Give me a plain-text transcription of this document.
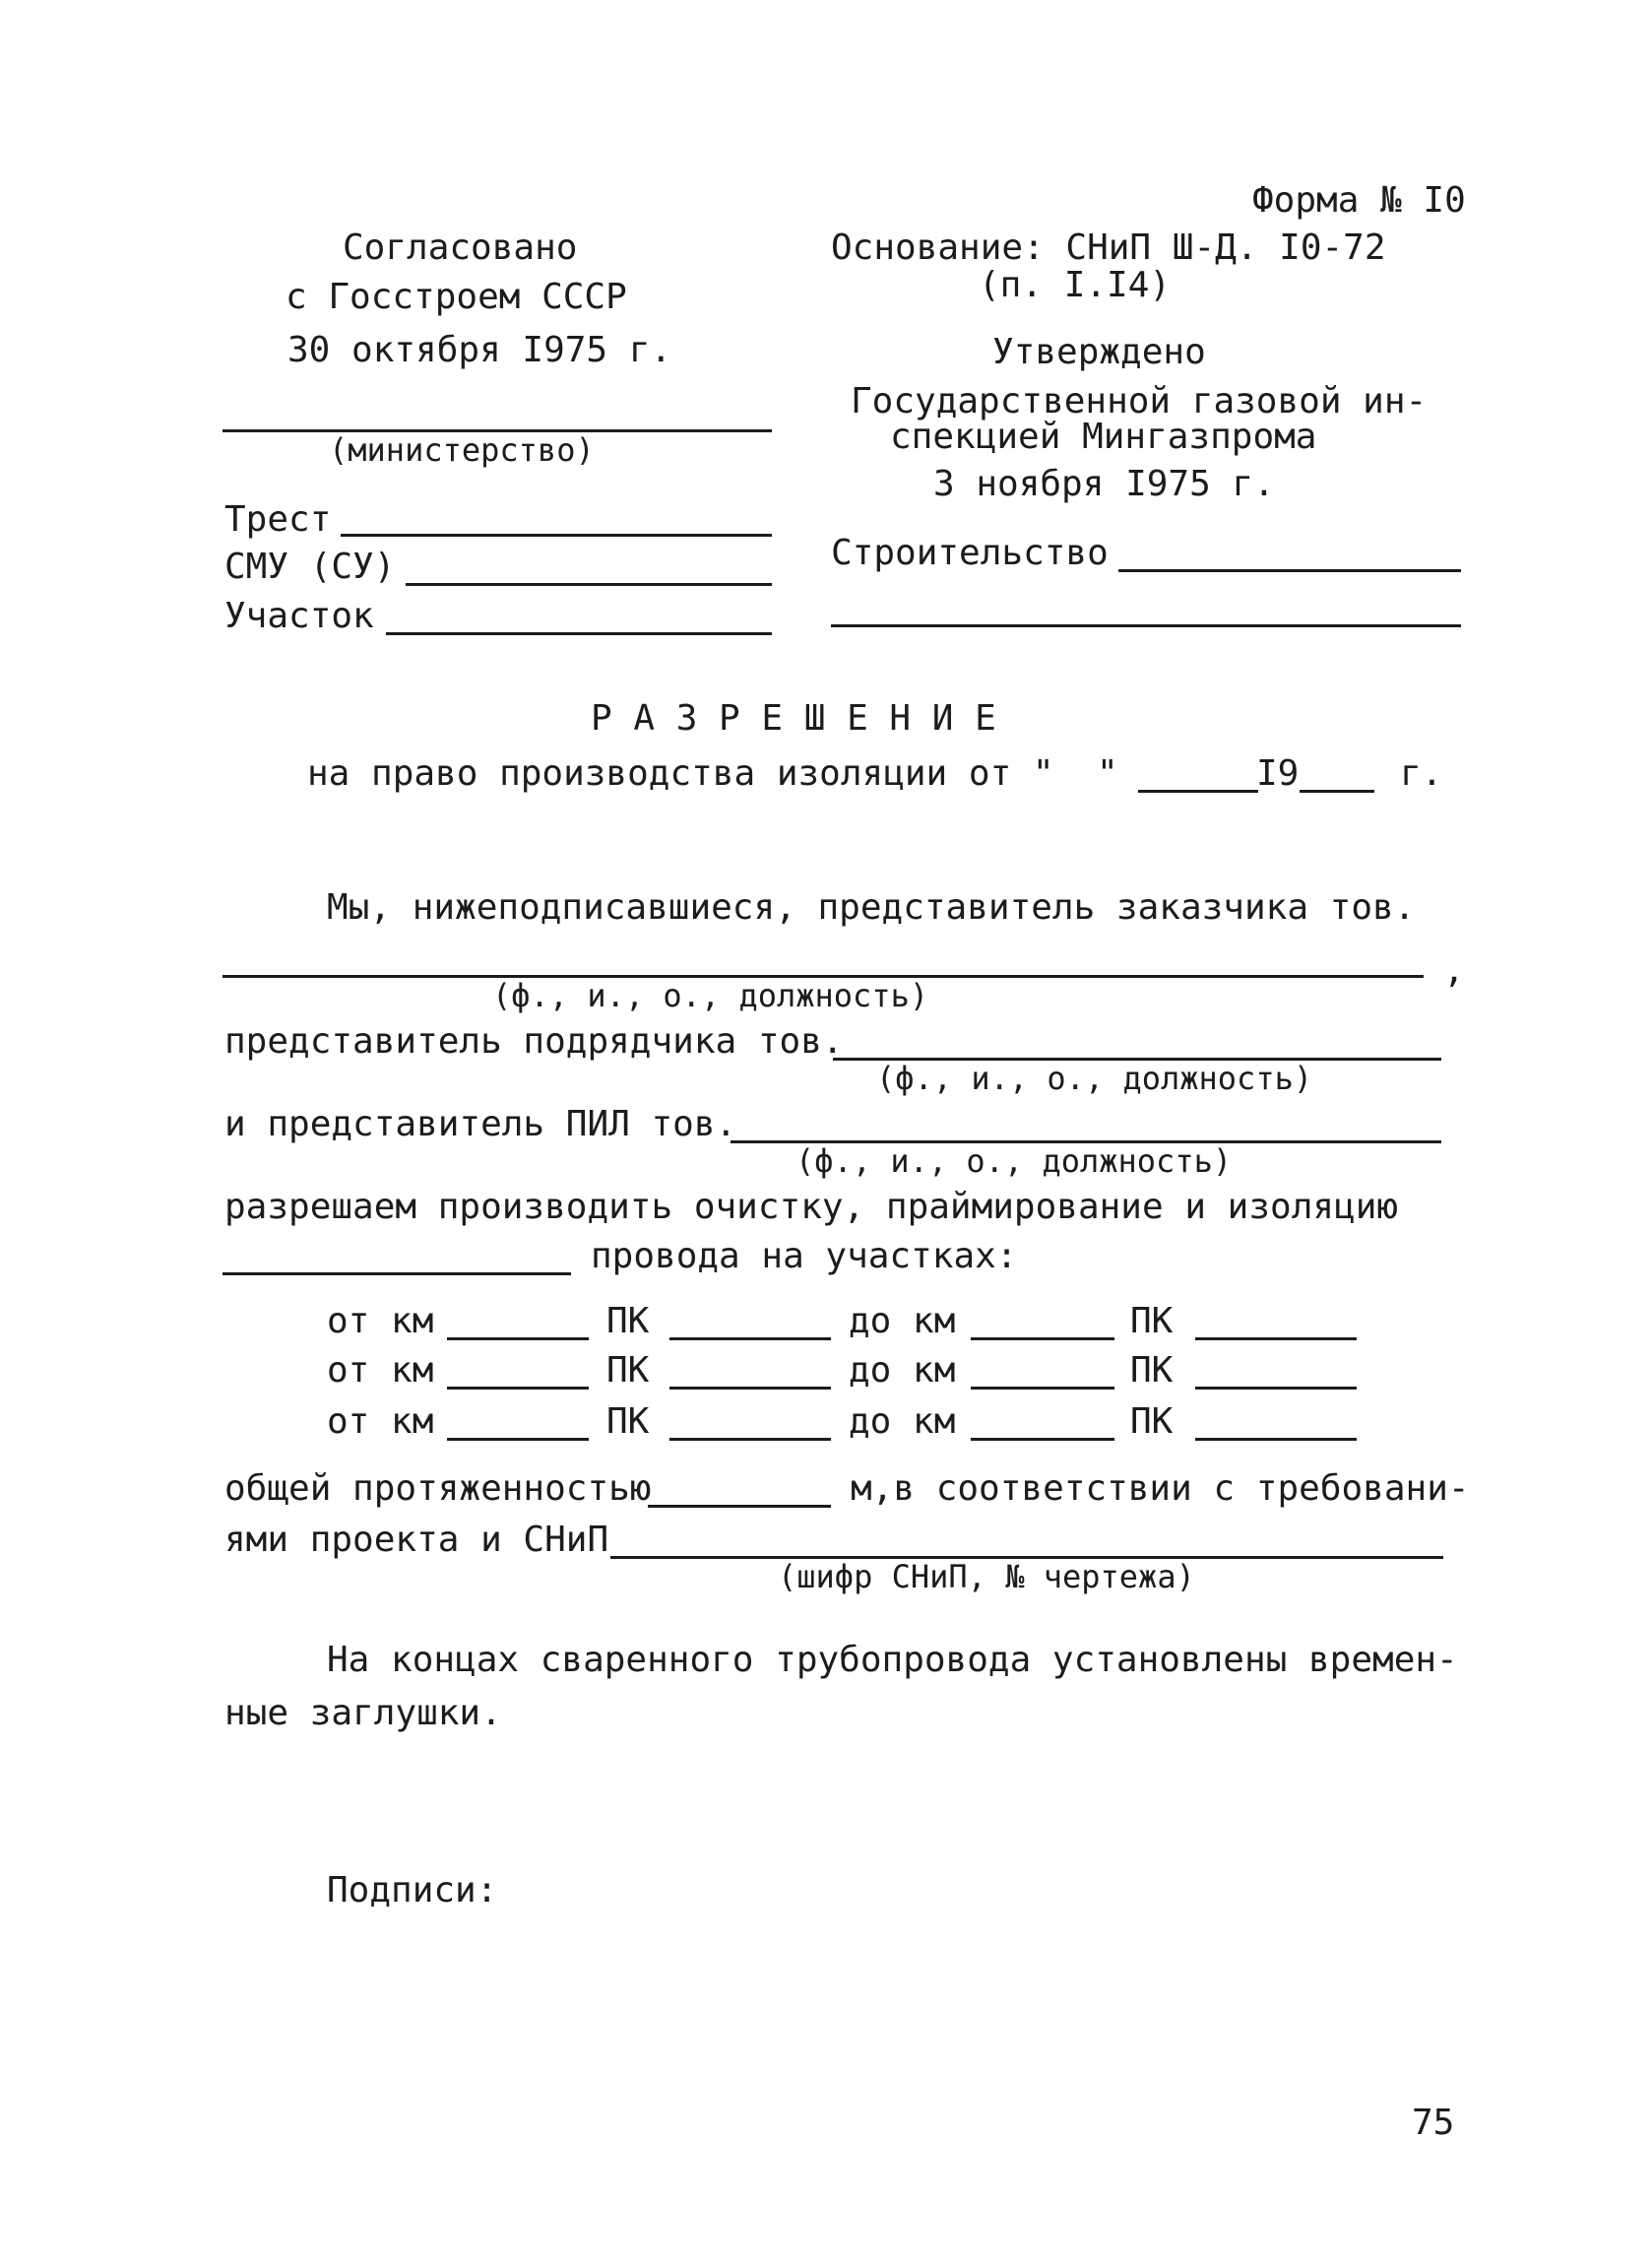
Форма № I0
Согласовано
с Госстроем СССР
30 октября I975 г.
(министерство)
Трест
СМУ (СУ)
Участок
Основание: СНиП Ш-Д. I0-72
(п. I.I4)
Утверждено
Государственной газовой ин-
спекцией Мингазпрома
3 ноября I975 г.
Строительство
Р А З Р Е Ш Е Н И Е
на право производства изоляции от " "	I9	г.
Мы, нижеподписавшиеся, представитель заказчика тов.
,
(ф., и., о., должность)
представитель подрядчика тов.
(ф., и., о., должность)
и представитель ПИЛ тов.
(ф., и., о., должность)
разрешаем производить очистку, праймирование и изоляцию
провода на участках:
от км	ПК	до км	ПК
от км	ПК	до км	ПК
от км	ПК	до км	ПК
общей протяженностью	м,в соответствии с требовани-
ями проекта и СНиП
(шифр СНиП, № чертежа)
На концах сваренного трубопровода установлены времен-
ные заглушки.
Подписи:
75
